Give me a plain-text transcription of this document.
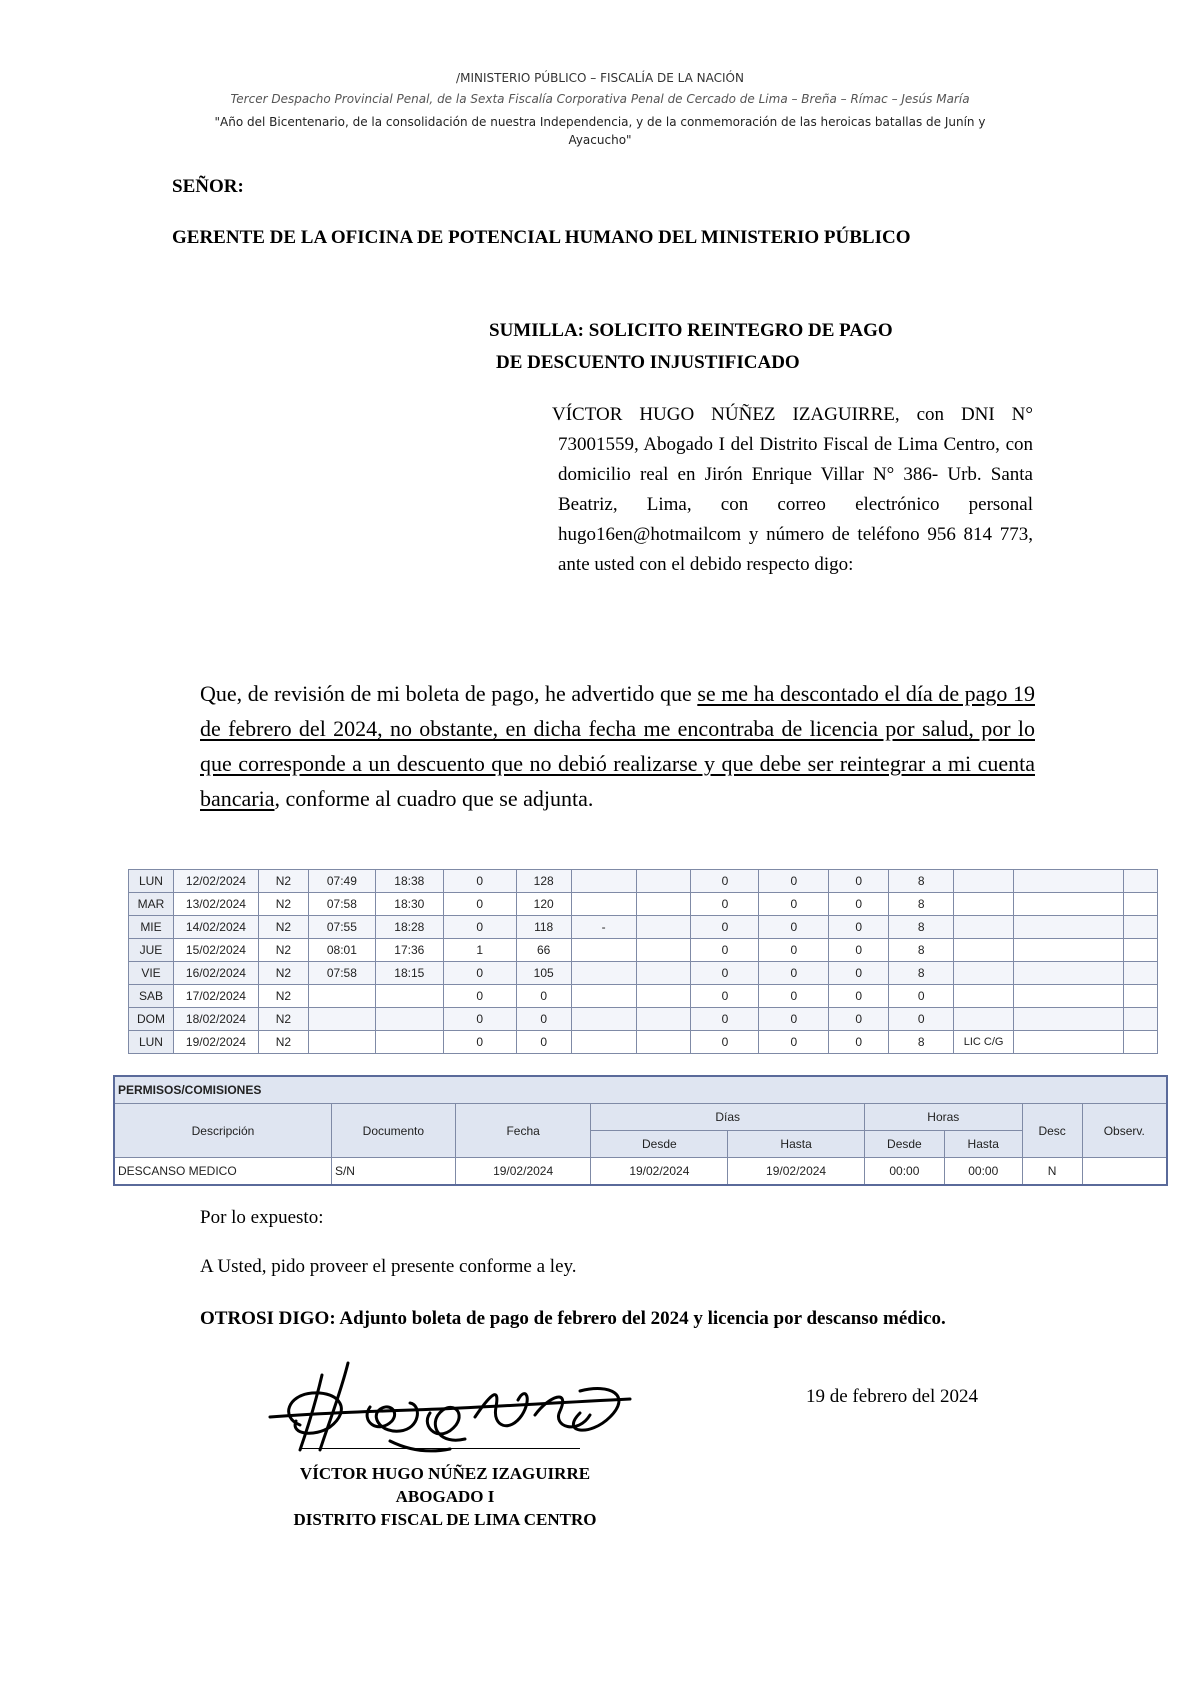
/MINISTERIO PÚBLICO – FISCALÍA DE LA NACIÓN
Tercer Despacho Provincial Penal, de la Sexta Fiscalía Corporativa Penal de Cercado de Lima – Breña – Rímac – Jesús María
"Año del Bicentenario, de la consolidación de nuestra Independencia, y de la conmemoración de las heroicas batallas de Junín y Ayacucho"
SEÑOR:
GERENTE DE LA OFICINA DE POTENCIAL HUMANO DEL MINISTERIO PÚBLICO
SUMILLA: SOLICITO REINTEGRO DE PAGO
DE DESCUENTO INJUSTIFICADO
VÍCTOR HUGO NÚÑEZ IZAGUIRRE, con DNI N° 73001559, Abogado I del Distrito Fiscal de Lima Centro, con domicilio real en Jirón Enrique Villar N° 386- Urb. Santa Beatriz, Lima, con correo electrónico personal hugo16en@hotmailcom y número de teléfono 956 814 773, ante usted con el debido respecto digo:
Que, de revisión de mi boleta de pago, he advertido que se me ha descontado el día de pago 19 de febrero del 2024, no obstante, en dicha fecha me encontraba de licencia por salud, por lo que corresponde a un descuento que no debió realizarse y que debe ser reintegrar a mi cuenta bancaria, conforme al cuadro que se adjunta.
LUN	12/02/2024	N2	07:49	18:38	0	128			0	0	0	8			
MAR	13/02/2024	N2	07:58	18:30	0	120			0	0	0	8			
MIE	14/02/2024	N2	07:55	18:28	0	118	-		0	0	0	8			
JUE	15/02/2024	N2	08:01	17:36	1	66			0	0	0	8			
VIE	16/02/2024	N2	07:58	18:15	0	105			0	0	0	8			
SAB	17/02/2024	N2			0	0			0	0	0	0			
DOM	18/02/2024	N2			0	0			0	0	0	0			
LUN	19/02/2024	N2			0	0			0	0	0	8	LIC C/G		
PERMISOS/COMISIONES								
Descripción	Documento	Fecha	Días		Horas		Desc	Observ.
			Desde	Hasta	Desde	Hasta		
DESCANSO MEDICO	S/N	19/02/2024	19/02/2024	19/02/2024	00:00	00:00	N	
Por lo expuesto:
A Usted, pido proveer el presente conforme a ley.
OTROSI DIGO: Adjunto boleta de pago de febrero del 2024 y licencia por descanso médico.
19 de febrero del 2024
VÍCTOR HUGO NÚÑEZ IZAGUIRRE
ABOGADO I
DISTRITO FISCAL DE LIMA CENTRO
